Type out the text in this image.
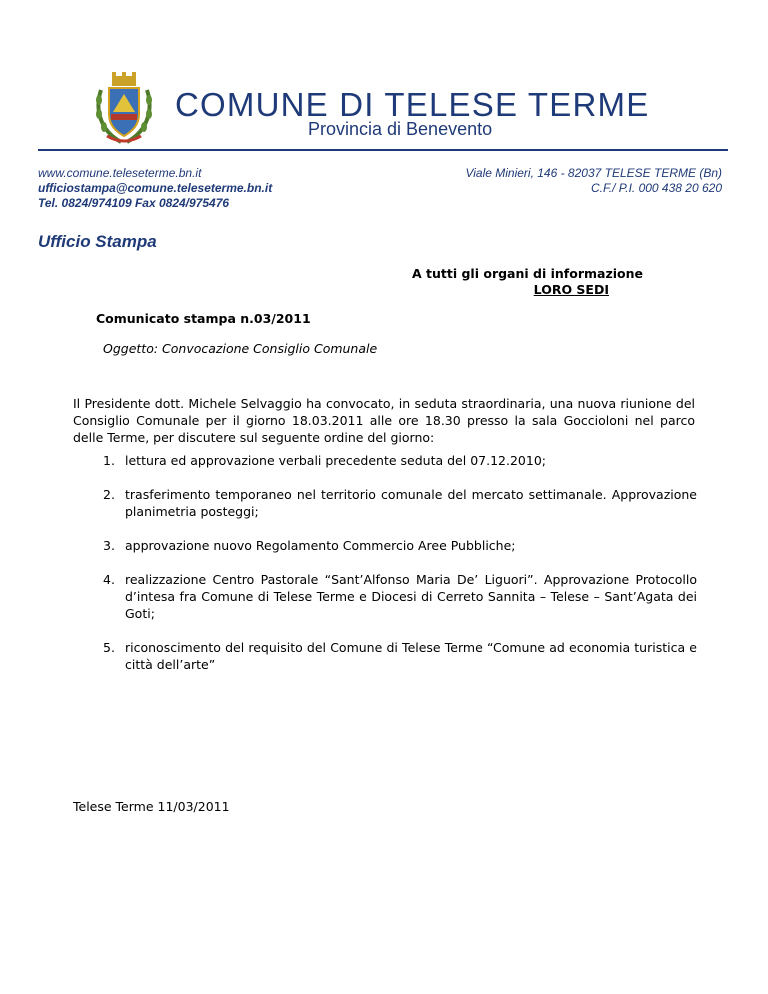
COMUNE DI TELESE TERME
Provincia di Benevento
www.comune.teleseterme.bn.it
ufficiostampa@comune.teleseterme.bn.it
Tel. 0824/974109 Fax 0824/975476
Viale Minieri, 146 - 82037 TELESE TERME (Bn)
C.F./ P.I. 000 438 20 620
Ufficio Stampa
A tutti gli organi di informazione
LORO SEDI
Comunicato stampa n.03/2011
Oggetto: Convocazione Consiglio Comunale
Il Presidente dott. Michele Selvaggio ha convocato, in seduta straordinaria, una nuova riunione del Consiglio Comunale per il giorno 18.03.2011 alle ore 18.30 presso la sala Goccioloni nel parco delle Terme, per discutere sul seguente ordine del giorno:
1. lettura ed approvazione verbali precedente seduta del 07.12.2010;
2. trasferimento temporaneo nel territorio comunale del mercato settimanale. Approvazione planimetria posteggi;
3. approvazione nuovo Regolamento Commercio Aree Pubbliche;
4. realizzazione Centro Pastorale “Sant’Alfonso Maria De’ Liguori”. Approvazione Protocollo d’intesa fra Comune di Telese Terme e Diocesi di Cerreto Sannita – Telese – Sant’Agata dei Goti;
5. riconoscimento del requisito del Comune di Telese Terme “Comune ad economia turistica e città dell’arte”
Telese Terme 11/03/2011
